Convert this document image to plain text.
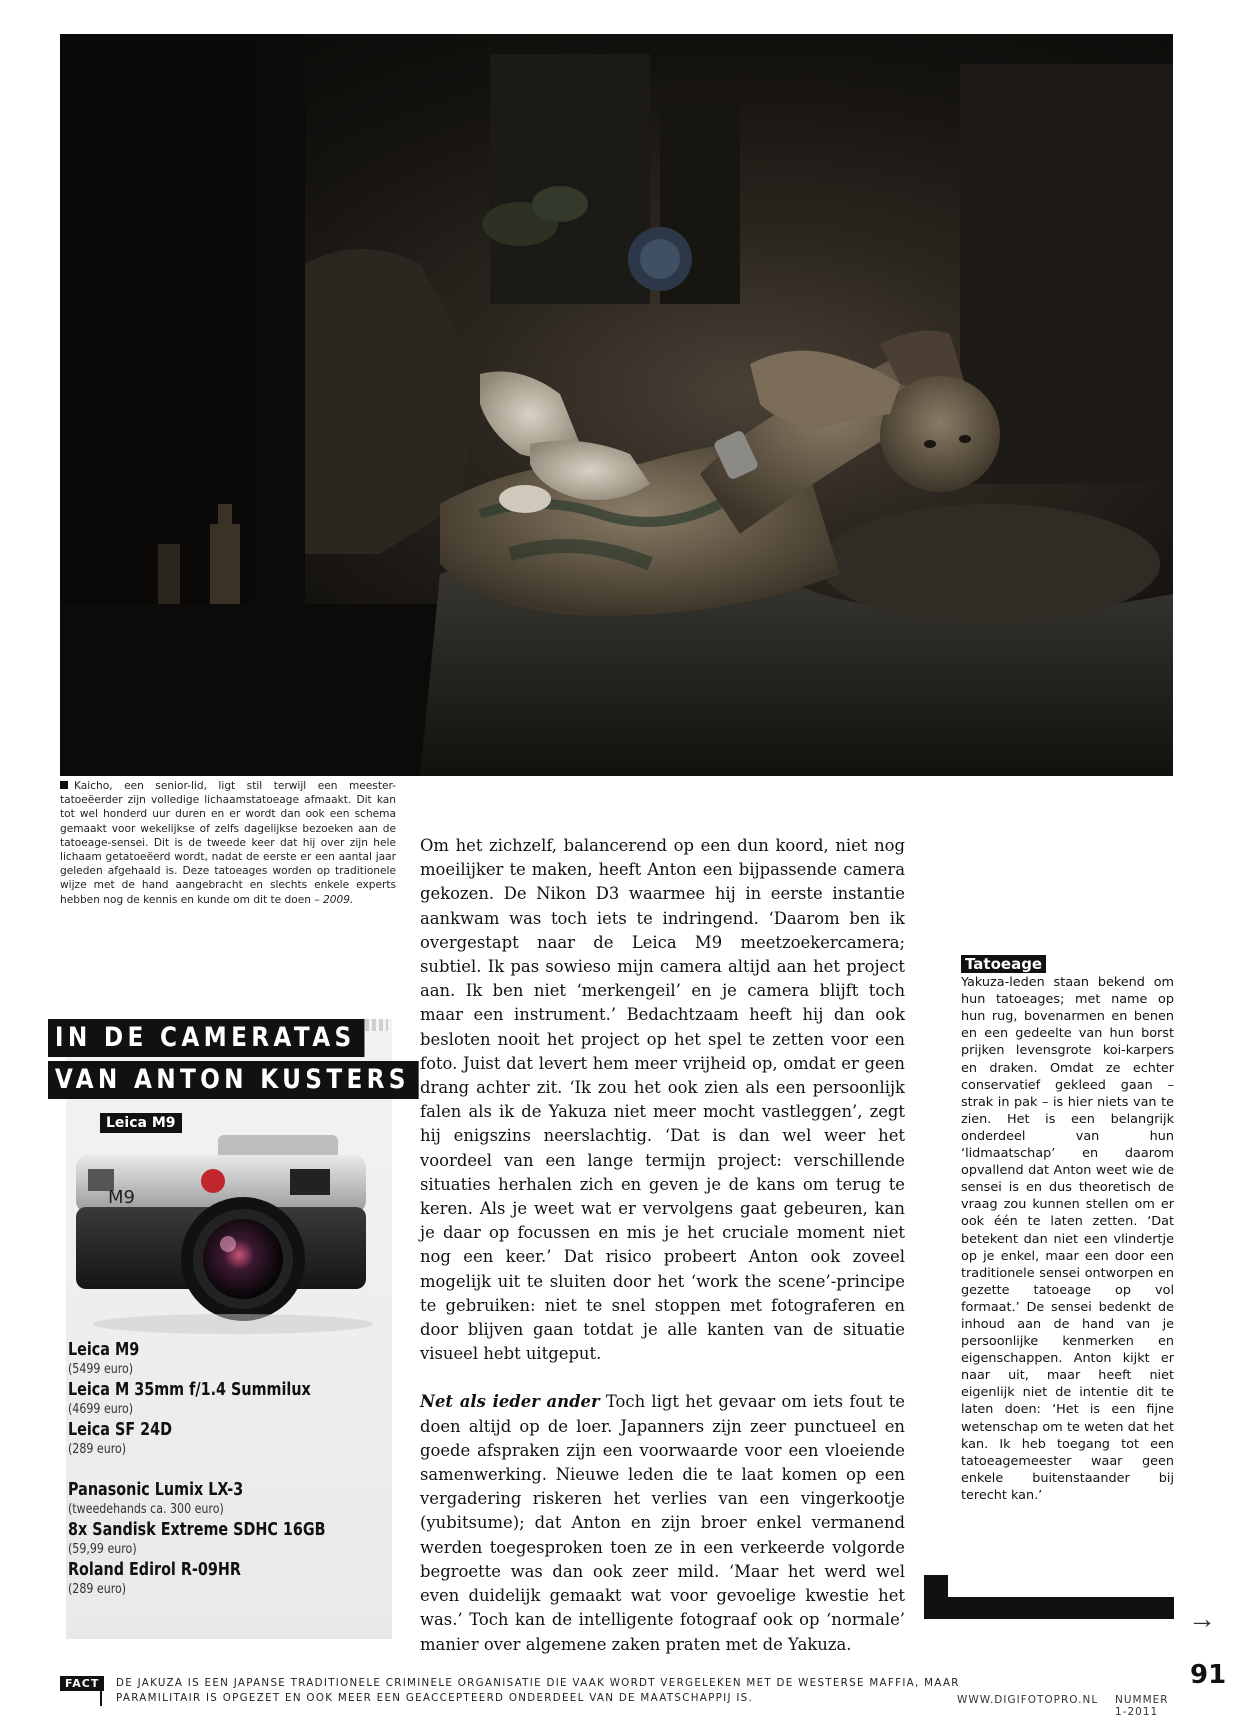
Kaicho, een senior-lid, ligt stil terwijl een meester-tatoeëerder zijn volledige lichaamstatoeage afmaakt. Dit kan tot wel honderd uur duren en er wordt dan ook een schema gemaakt voor wekelijkse of zelfs dagelijkse bezoeken aan de tatoeage-sensei. Dit is de tweede keer dat hij over zijn hele lichaam getatoeëerd wordt, nadat de eerste er een aantal jaar geleden afgehaald is. Deze tatoeages worden op traditionele wijze met de hand aangebracht en slechts enkele experts hebben nog de kennis en kunde om dit te doen – 2009.
IN DE CAMERATAS
VAN ANTON KUSTERS
Leica M9
M9
Leica M9
(5499 euro)
Leica M 35mm f/1.4 Summilux
(4699 euro)
Leica SF 24D
(289 euro)
Panasonic Lumix LX-3
(tweedehands ca. 300 euro)
8x Sandisk Extreme SDHC 16GB
(59,99 euro)
Roland Edirol R-09HR
(289 euro)

Om het zichzelf, balancerend op een dun koord, niet nog moeilijker te maken, heeft Anton een bijpassende camera gekozen. De Nikon D3 waarmee hij in eerste instantie aankwam was toch iets te indringend. ‘Daarom ben ik overgestapt naar de Leica M9 meetzoekercamera; subtiel. Ik pas sowieso mijn camera altijd aan het project aan. Ik ben niet ‘merkengeil’ en je camera blijft toch maar een instrument.’ Bedachtzaam heeft hij dan ook besloten nooit het project op het spel te zetten voor een foto. Juist dat levert hem meer vrijheid op, omdat er geen drang achter zit. ‘Ik zou het ook zien als een persoonlijk falen als ik de Yakuza niet meer mocht vastleggen’, zegt hij enigszins neerslachtig. ‘Dat is dan wel weer het voordeel van een lange termijn project: verschillende situaties herhalen zich en geven je de kans om terug te keren. Als je weet wat er vervolgens gaat gebeuren, kan je daar op focussen en mis je het cruciale moment niet nog een keer.’ Dat risico probeert Anton ook zoveel mogelijk uit te sluiten door het ‘work the scene’-principe te gebruiken: niet te snel stoppen met fotograferen en door blijven gaan totdat je alle kanten van de situatie visueel hebt uitgeput.

Net als ieder ander Toch ligt het gevaar om iets fout te doen altijd op de loer. Japanners zijn zeer punctueel en goede afspraken zijn een voorwaarde voor een vloeiende samenwerking. Nieuwe leden die te laat komen op een vergadering riskeren het verlies van een vingerkootje (yubitsume); dat Anton en zijn broer enkel vermanend werden toegesproken toen ze in een verkeerde volgorde begroette was dan ook zeer mild. ‘Maar het werd wel even duidelijk gemaakt wat voor gevoelige kwestie het was.’ Toch kan de intelligente fotograaf ook op ‘normale’ manier over algemene zaken praten met de Yakuza.

Tatoeage

Yakuza-leden staan bekend om hun tatoeages; met name op hun rug, bovenarmen en benen en een gedeelte van hun borst prijken levensgrote koi-karpers en draken. Omdat ze echter conservatief gekleed gaan – strak in pak – is hier niets van te zien. Het is een belangrijk onderdeel van hun ‘lidmaatschap’ en daarom opvallend dat Anton weet wie de sensei is en dus theoretisch de vraag zou kunnen stellen om er ook één te laten zetten. ‘Dat betekent dan niet een vlindertje op je enkel, maar een door een traditionele sensei ontworpen en gezette tatoeage op vol formaat.’ De sensei bedenkt de inhoud aan de hand van je persoonlijke kenmerken en eigenschappen. Anton kijkt er naar uit, maar heeft niet eigenlijk niet de intentie dit te laten doen: ‘Het is een fijne wetenschap om te weten dat het kan. Ik heb toegang tot een tatoeagemeester waar geen enkele buitenstaander bij terecht kan.’

→
FACT	DE JAKUZA IS EEN JAPANSE TRADITIONELE CRIMINELE ORGANISATIE DIE VAAK WORDT VERGELEKEN MET DE WESTERSE MAFFIA, MAAR PARAMILITAIR IS OPGEZET EN OOK MEER EEN GEACCEPTEERD ONDERDEEL VAN DE MAATSCHAPPIJ IS.	WWW.DIGIFOTOPRO.NL NUMMER 1-2011
91
